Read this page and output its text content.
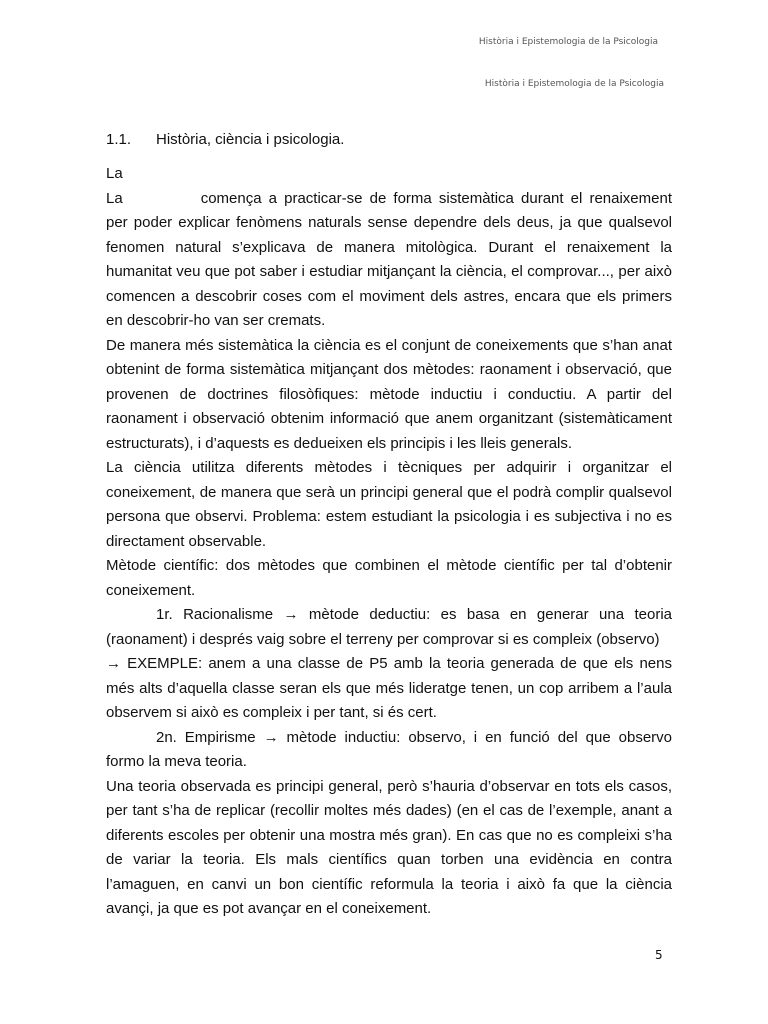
Història i Epistemologia de la Psicologia
Història i Epistemologia de la Psicologia
1.1. Història, ciència i psicologia.

La

La	comença a practicar-se de forma sistemàtica durant el renaixement per poder explicar fenòmens naturals sense dependre dels deus, ja que qualsevol fenomen natural s’explicava de manera mitològica. Durant el renaixement la humanitat veu que pot saber i estudiar mitjançant la ciència, el comprovar..., per això comencen a descobrir coses com el moviment dels astres, encara que els primers en descobrir-ho van ser cremats.

De manera més sistemàtica la ciència es el conjunt de coneixements que s’han anat obtenint de forma sistemàtica mitjançant dos mètodes: raonament i observació, que provenen de doctrines filosòfiques: mètode inductiu i conductiu. A partir del raonament i observació obtenim informació que anem organitzant (sistemàticament estructurats), i d’aquests es dedueixen els principis i les lleis generals.

La ciència utilitza diferents mètodes i tècniques per adquirir i organitzar el coneixement, de manera que serà un principi general que el podrà complir qualsevol persona que observi. Problema: estem estudiant la psicologia i es subjectiva i no es directament observable.

Mètode científic: dos mètodes que combinen el mètode científic per tal d’obtenir coneixement.

1r. Racionalisme → mètode deductiu: es basa en generar una teoria (raonament) i després vaig sobre el terreny per comprovar si es compleix (observo)

→ EXEMPLE: anem a una classe de P5 amb la teoria generada de que els nens més alts d’aquella classe seran els que més lideratge tenen, un cop arribem a l’aula observem si això es compleix i per tant, si és cert.

2n. Empirisme → mètode inductiu: observo, i en funció del que observo formo la meva teoria.

Una teoria observada es principi general, però s’hauria d’observar en tots els casos, per tant s’ha de replicar (recollir moltes més dades) (en el cas de l’exemple, anant a diferents escoles per obtenir una mostra més gran). En cas que no es compleixi s’ha de variar la teoria. Els mals científics quan torben una evidència en contra l’amaguen, en canvi un bon científic reformula la teoria i això fa que la ciència avançi, ja que es pot avançar en el coneixement.

5
